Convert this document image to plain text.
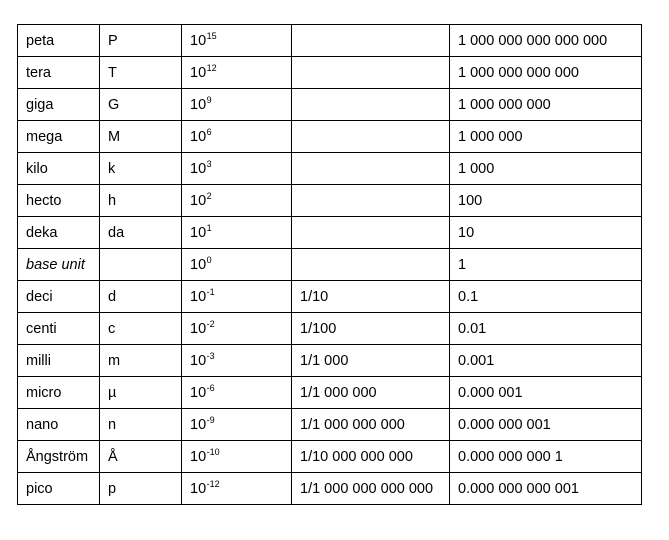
peta	P	$10^{15}$		1 000 000 000 000 000
tera	T	$10^{12}$		1 000 000 000 000
giga	G	$10^9$		1 000 000 000
mega	M	$10^6$		1 000 000
kilo	k	$10^3$		1 000
hecto	h	$10^2$		100
deka	da	$10^1$		10
base unit		$10^0$		1
deci	d	$10^{-1}$	1/10	0.1
centi	c	$10^{-2}$	1/100	0.01
milli	m	$10^{-3}$	1/1 000	0.001
micro	µ	$10^{-6}$	1/1 000 000	0.000 001
nano	n	$10^{-9}$	1/1 000 000 000	0.000 000 001
Ångström	Å	$10^{-10}$	1/10 000 000 000	0.000 000 000 1
pico	p	$10^{-12}$	1/1 000 000 000 000	0.000 000 000 001
